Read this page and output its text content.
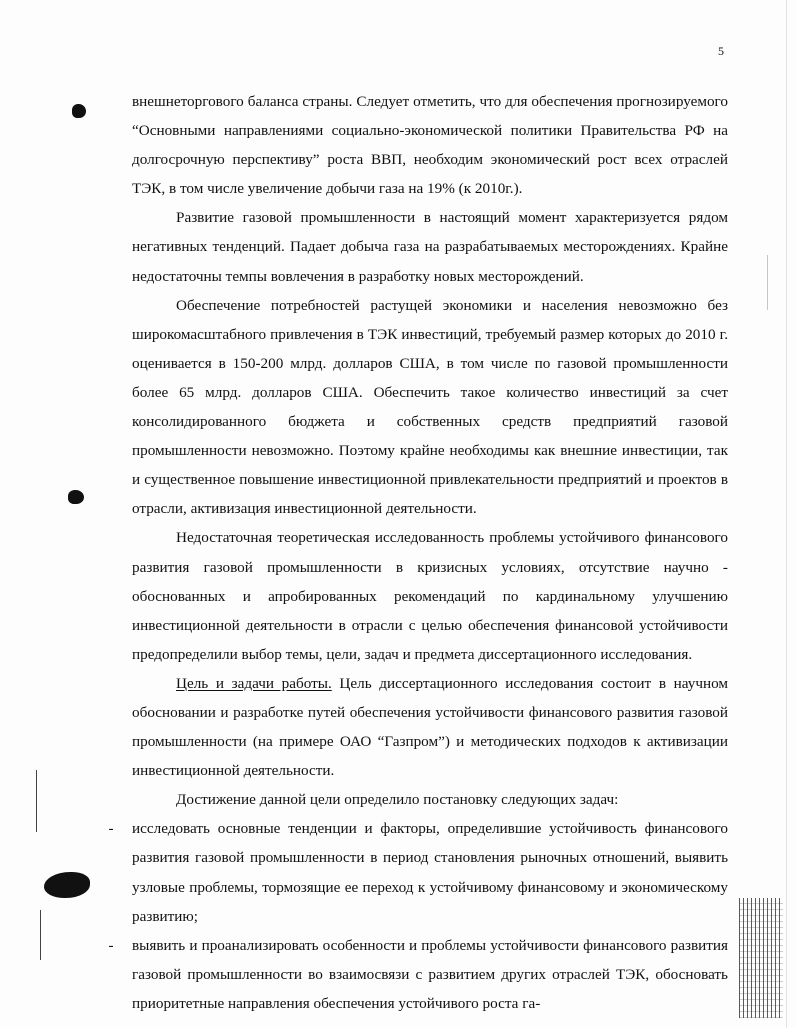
5

внешнеторгового баланса страны. Следует отметить, что для обеспечения прогнозируемого “Основными направлениями социально-экономической политики Правительства РФ на долгосрочную перспективу” роста ВВП, необходим экономический рост всех отраслей ТЭК, в том числе увеличение добычи газа на 19% (к 2010г.).

Развитие газовой промышленности в настоящий момент характеризуется рядом негативных тенденций. Падает добыча газа на разрабатываемых месторождениях. Крайне недостаточны темпы вовлечения в разработку новых месторождений.

Обеспечение потребностей растущей экономики и населения невозможно без широкомасштабного привлечения в ТЭК инвестиций, требуемый размер которых до 2010 г. оценивается в 150-200 млрд. долларов США, в том числе по газовой промышленности более 65 млрд. долларов США. Обеспечить такое количество инвестиций за счет консолидированного бюджета и собственных средств предприятий газовой промышленности невозможно. Поэтому крайне необходимы как внешние инвестиции, так и существенное повышение инвестиционной привлекательности предприятий и проектов в отрасли, активизация инвестиционной деятельности.

Недостаточная теоретическая исследованность проблемы устойчивого финансового развития газовой промышленности в кризисных условиях, отсутствие научно - обоснованных и апробированных рекомендаций по кардинальному улучшению инвестиционной деятельности в отрасли с целью обеспечения финансовой устойчивости предопределили выбор темы, цели, задач и предмета диссертационного исследования.

Цель и задачи работы. Цель диссертационного исследования состоит в научном обосновании и разработке путей обеспечения устойчивости финансового развития газовой промышленности (на примере ОАО “Газпром”) и методических подходов к активизации инвестиционной деятельности.

Достижение данной цели определило постановку следующих задач:

- исследовать основные тенденции и факторы, определившие устойчивость финансового развития газовой промышленности в период становления рыночных отношений, выявить узловые проблемы, тормозящие ее переход к устойчивому финансовому и экономическому развитию;
- выявить и проанализировать особенности и проблемы устойчивости финансового развития газовой промышленности во взаимосвязи с развитием других отраслей ТЭК, обосновать приоритетные направления обеспечения устойчивого роста га-
